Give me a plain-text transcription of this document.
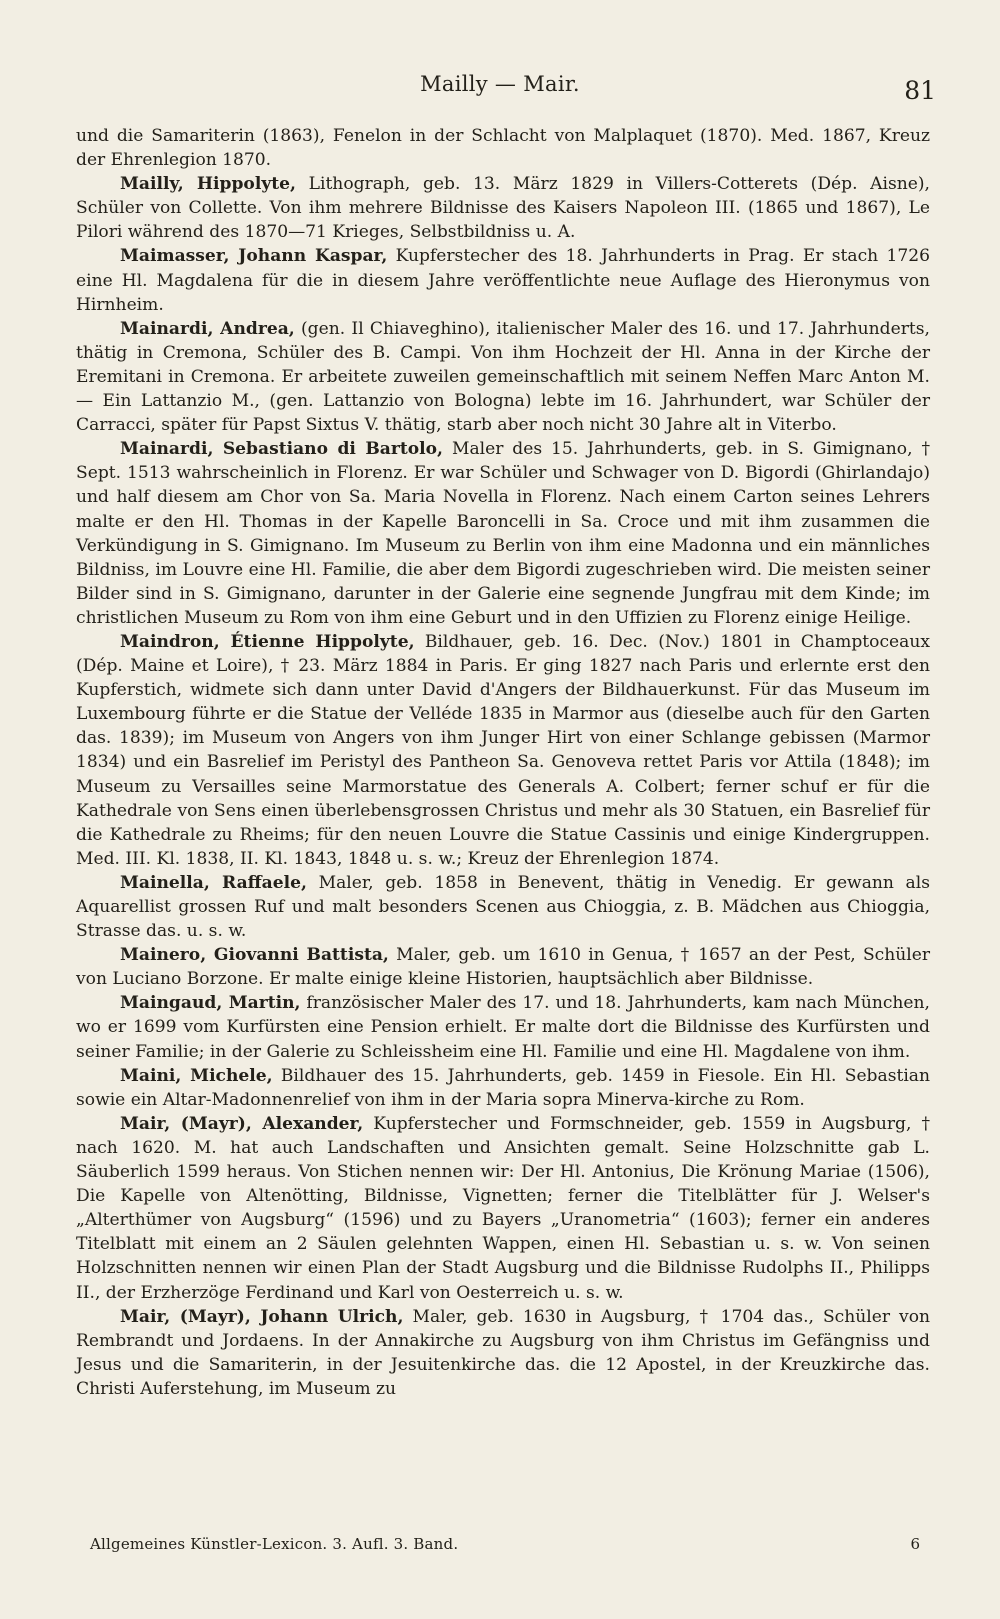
Mailly — Mair.	81

und die Samariterin (1863), Fenelon in der Schlacht von Malplaquet (1870). Med. 1867, Kreuz der Ehrenlegion 1870.

Mailly, Hippolyte, Lithograph, geb. 13. März 1829 in Villers-Cotterets (Dép. Aisne), Schüler von Collette. Von ihm mehrere Bildnisse des Kaisers Napoleon III. (1865 und 1867), Le Pilori während des 1870—71 Krieges, Selbstbildniss u. A.

Maimasser, Johann Kaspar, Kupferstecher des 18. Jahrhunderts in Prag. Er stach 1726 eine Hl. Magdalena für die in diesem Jahre veröffentlichte neue Auflage des Hieronymus von Hirnheim.

Mainardi, Andrea, (gen. Il Chiaveghino), italienischer Maler des 16. und 17. Jahrhunderts, thätig in Cremona, Schüler des B. Campi. Von ihm Hochzeit der Hl. Anna in der Kirche der Eremitani in Cremona. Er arbeitete zuweilen gemeinschaftlich mit seinem Neffen Marc Anton M. — Ein Lattanzio M., (gen. Lattanzio von Bologna) lebte im 16. Jahrhundert, war Schüler der Carracci, später für Papst Sixtus V. thätig, starb aber noch nicht 30 Jahre alt in Viterbo.

Mainardi, Sebastiano di Bartolo, Maler des 15. Jahrhunderts, geb. in S. Gimignano, † Sept. 1513 wahrscheinlich in Florenz. Er war Schüler und Schwager von D. Bigordi (Ghirlandajo) und half diesem am Chor von Sa. Maria Novella in Florenz. Nach einem Carton seines Lehrers malte er den Hl. Thomas in der Kapelle Baroncelli in Sa. Croce und mit ihm zusammen die Verkündigung in S. Gimignano. Im Museum zu Berlin von ihm eine Madonna und ein männliches Bildniss, im Louvre eine Hl. Familie, die aber dem Bigordi zugeschrieben wird. Die meisten seiner Bilder sind in S. Gimignano, darunter in der Galerie eine segnende Jungfrau mit dem Kinde; im christlichen Museum zu Rom von ihm eine Geburt und in den Uffizien zu Florenz einige Heilige.

Maindron, Étienne Hippolyte, Bildhauer, geb. 16. Dec. (Nov.) 1801 in Champtoceaux (Dép. Maine et Loire), † 23. März 1884 in Paris. Er ging 1827 nach Paris und erlernte erst den Kupferstich, widmete sich dann unter David d'Angers der Bildhauerkunst. Für das Museum im Luxembourg führte er die Statue der Velléde 1835 in Marmor aus (dieselbe auch für den Garten das. 1839); im Museum von Angers von ihm Junger Hirt von einer Schlange gebissen (Marmor 1834) und ein Basrelief im Peristyl des Pantheon Sa. Genoveva rettet Paris vor Attila (1848); im Museum zu Versailles seine Marmorstatue des Generals A. Colbert; ferner schuf er für die Kathedrale von Sens einen überlebensgrossen Christus und mehr als 30 Statuen, ein Basrelief für die Kathedrale zu Rheims; für den neuen Louvre die Statue Cassinis und einige Kindergruppen. Med. III. Kl. 1838, II. Kl. 1843, 1848 u. s. w.; Kreuz der Ehrenlegion 1874.

Mainella, Raffaele, Maler, geb. 1858 in Benevent, thätig in Venedig. Er gewann als Aquarellist grossen Ruf und malt besonders Scenen aus Chioggia, z. B. Mädchen aus Chioggia, Strasse das. u. s. w.

Mainero, Giovanni Battista, Maler, geb. um 1610 in Genua, † 1657 an der Pest, Schüler von Luciano Borzone. Er malte einige kleine Historien, hauptsächlich aber Bildnisse.

Maingaud, Martin, französischer Maler des 17. und 18. Jahrhunderts, kam nach München, wo er 1699 vom Kurfürsten eine Pension erhielt. Er malte dort die Bildnisse des Kurfürsten und seiner Familie; in der Galerie zu Schleissheim eine Hl. Familie und eine Hl. Magdalene von ihm.

Maini, Michele, Bildhauer des 15. Jahrhunderts, geb. 1459 in Fiesole. Ein Hl. Sebastian sowie ein Altar-Madonnenrelief von ihm in der Maria sopra Minerva-kirche zu Rom.

Mair, (Mayr), Alexander, Kupferstecher und Formschneider, geb. 1559 in Augsburg, † nach 1620. M. hat auch Landschaften und Ansichten gemalt. Seine Holzschnitte gab L. Säuberlich 1599 heraus. Von Stichen nennen wir: Der Hl. Antonius, Die Krönung Mariae (1506), Die Kapelle von Altenötting, Bildnisse, Vignetten; ferner die Titelblätter für J. Welser's „Alterthümer von Augsburg“ (1596) und zu Bayers „Uranometria“ (1603); ferner ein anderes Titelblatt mit einem an 2 Säulen gelehnten Wappen, einen Hl. Sebastian u. s. w. Von seinen Holzschnitten nennen wir einen Plan der Stadt Augsburg und die Bildnisse Rudolphs II., Philipps II., der Erzherzöge Ferdinand und Karl von Oesterreich u. s. w.

Mair, (Mayr), Johann Ulrich, Maler, geb. 1630 in Augsburg, † 1704 das., Schüler von Rembrandt und Jordaens. In der Annakirche zu Augsburg von ihm Christus im Gefängniss und Jesus und die Samariterin, in der Jesuitenkirche das. die 12 Apostel, in der Kreuzkirche das. Christi Auferstehung, im Museum zu

Allgemeines Künstler-Lexicon. 3. Aufl. 3. Band.	6
